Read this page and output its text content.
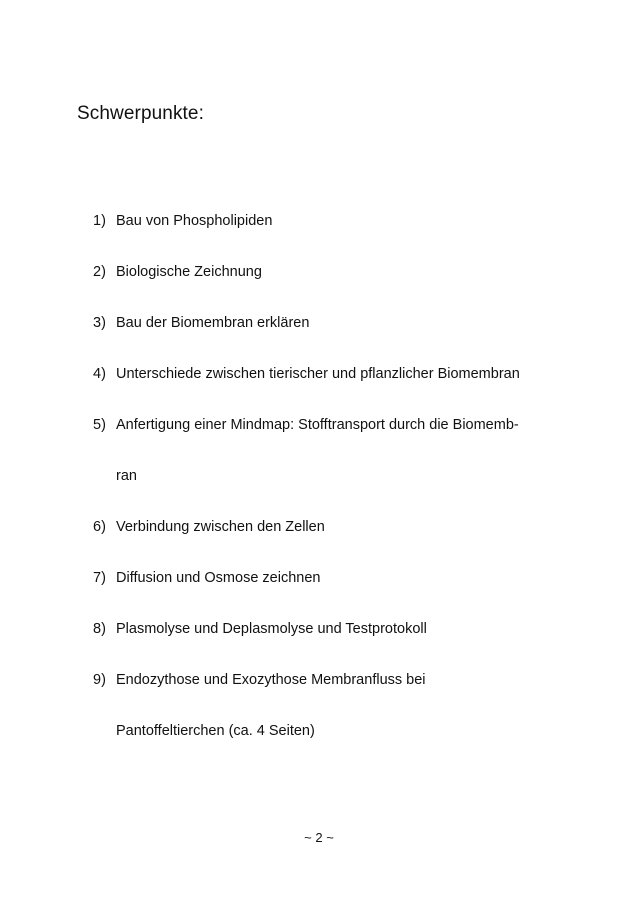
Schwerpunkte:
1) Bau von Phospholipiden
2) Biologische Zeichnung
3) Bau der Biomembran erklären
4) Unterschiede zwischen tierischer und pflanzlicher Biomembran
5) Anfertigung einer Mindmap: Stofftransport durch die Biomemb-
ran
6) Verbindung zwischen den Zellen
7) Diffusion und Osmose zeichnen
8) Plasmolyse und Deplasmolyse und Testprotokoll
9) Endozythose und Exozythose Membranfluss bei
Pantoffeltierchen (ca. 4 Seiten)
~ 2 ~
